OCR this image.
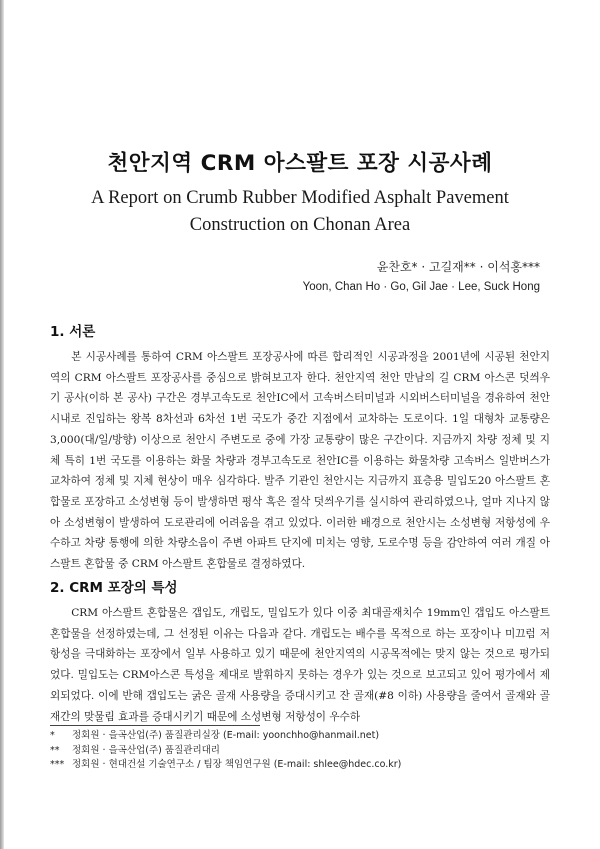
천안지역 CRM 아스팔트 포장 시공사례
A Report on Crumb Rubber Modified Asphalt Pavement
Construction on Chonan Area
윤찬호* · 고길재** · 이석홍***
Yoon, Chan Ho · Go, Gil Jae · Lee, Suck Hong
1. 서론

본 시공사례를 통하여 CRM 아스팔트 포장공사에 따른 합리적인 시공과정을 2001년에 시공된 천안지역의 CRM 아스팔트 포장공사를 중심으로 밝혀보고자 한다. 천안지역 천안 만남의 길 CRM 아스콘 덧씌우기 공사(이하 본 공사) 구간은 경부고속도로 천안IC에서 고속버스터미널과 시외버스터미널을 경유하여 천안시내로 진입하는 왕복 8차선과 6차선 1번 국도가 중간 지점에서 교차하는 도로이다. 1일 대형차 교통량은 3,000(대/일/방향) 이상으로 천안시 주변도로 중에 가장 교통량이 많은 구간이다. 지금까지 차량 정체 및 지체 특히 1번 국도를 이용하는 화물 차량과 경부고속도로 천안IC를 이용하는 화물차량 고속버스 일반버스가 교차하여 정체 및 지체 현상이 매우 심각하다. 발주 기관인 천안시는 지금까지 표층용 밀입도20 아스팔트 혼합물로 포장하고 소성변형 등이 발생하면 평삭 혹은 절삭 덧씌우기를 실시하여 관리하였으나, 얼마 지나지 않아 소성변형이 발생하여 도로관리에 어려움을 겪고 있었다. 이러한 배경으로 천안시는 소성변형 저항성에 우수하고 차량 통행에 의한 차량소음이 주변 아파트 단지에 미치는 영향, 도로수명 등을 감안하여 여러 개질 아스팔트 혼합물 중 CRM 아스팔트 혼합물로 결정하였다.

2. CRM 포장의 특성

CRM 아스팔트 혼합물은 갭입도, 개립도, 밀입도가 있다 이중 최대골재치수 19mm인 갭입도 아스팔트 혼합물을 선정하였는데, 그 선정된 이유는 다음과 같다. 개립도는 배수를 목적으로 하는 포장이나 미끄럼 저항성을 극대화하는 포장에서 일부 사용하고 있기 때문에 천안지역의 시공목적에는 맞지 않는 것으로 평가되었다. 밀입도는 CRM아스콘 특성을 제대로 발휘하지 못하는 경우가 있는 것으로 보고되고 있어 평가에서 제외되었다. 이에 반해 갭입도는 굵은 골재 사용량을 증대시키고 잔 골재(#8 이하) 사용량을 줄여서 골재와 골재간의 맞물림 효과를 증대시키기 때문에 소성변형 저항성이 우수하

* 정회원 · 을곡산업(주) 품질관리실장 (E-mail: yoonchho@hanmail.net)
** 정회원 · 을곡산업(주) 품질관리대리
*** 정회원 · 현대건설 기술연구소 / 팀장 책임연구원 (E-mail: shlee@hdec.co.kr)
